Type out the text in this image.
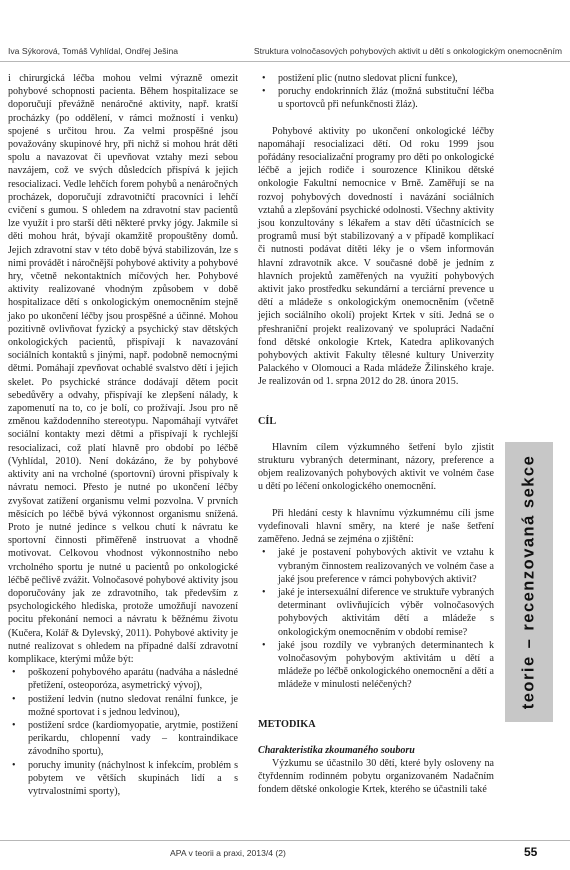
Iva Sýkorová, Tomáš Vyhlídal, Ondřej Ješina	Struktura volnočasových pohybových aktivit u dětí s onkologickým onemocněním

i chirurgická léčba mohou velmi výrazně omezit pohybové schopnosti pacienta. Během hospitalizace se doporučují převážně nenáročné aktivity, např. kratší procházky (po oddělení, v rámci možností i venku) spojené s určitou hrou. Za velmi prospěšné jsou považovány skupinové hry, při nichž si mohou hrát děti spolu a navazovat či upevňovat vztahy mezi sebou navzájem, což ve svých důsledcích přispívá k jejich resocializaci. Vedle lehčích forem pohybů a nenáročných procházek, doporučují zdravotničtí pracovníci i lehčí cvičení s gumou. S ohledem na zdravotní stav pacientů lze využít i pro starší děti některé prvky jógy. Jakmile si děti mohou hrát, bývají okamžitě propouštěny domů. Jejich zdravotní stav v této době bývá stabilizován, lze s nimi provádět i náročnější pohybové aktivity a pohybové hry, včetně nekontaktních míčových her. Pohybové aktivity realizované vhodným způsobem v době hospitalizace dětí s onkologickým onemocněním stejně jako po ukončení léčby jsou prospěšné a účinné. Mohou pozitivně ovlivňovat fyzický a psychický stav dětských onkologických pacientů, přispívají k navazování sociálních kontaktů s jinými, např. podobně nemocnými dětmi. Pomáhají zpevňovat ochablé svalstvo dětí i jejich skelet. Po psychické stránce dodávají dětem pocit sebedůvěry a odvahy, přispívají ke zlepšení nálady, k zapomenutí na to, co je bolí, co prožívají. Jsou pro ně změnou každodenního stereotypu. Napomáhají vytvářet sociální kontakty mezi dětmi a přispívají k rychlejší resocializaci, což platí hlavně pro období po léčbě (Vyhlídal, 2010). Není dokázáno, že by pohybové aktivity ani na vrcholné (sportovní) úrovni přispívaly k návratu nemoci. Přesto je nutné po ukončení léčby zvyšovat zatížení organismu velmi pozvolna. V prvních měsících po léčbě bývá výkonnost organismu snížená. Proto je nutné jedince s velkou chutí k návratu ke sportovní činnosti přiměřeně instruovat a vhodně motivovat. Celkovou vhodnost výkonnostního nebo vrcholného sportu je nutné u pacientů po onkologické léčbě pečlivě zvážit. Volnočasové pohybové aktivity jsou doporučovány jak ze zdravotního, tak především z psychologického hlediska, protože umožňují navození pocitu překonání nemoci a návratu k běžnému životu (Kučera, Kolář & Dylevský, 2011). Pohybové aktivity je nutné realizovat s ohledem na případné další zdravotní komplikace, kterými může být:

• poškození pohybového aparátu (nadváha a následné přetížení, osteoporóza, asymetrický vývoj),
• postižení ledvin (nutno sledovat renální funkce, je možné sportovat i s jednou ledvinou),
• postižení srdce (kardiomyopatie, arytmie, postižení perikardu, chlopenní vady – kontraindikace závodního sportu),
• poruchy imunity (náchylnost k infekcím, problém s pobytem ve větších skupinách lidí a s vytrvalostními sporty),
• postižení plic (nutno sledovat plicní funkce),
• poruchy endokrinních žláz (možná substituční léčba u sportovců při nefunkčnosti žláz).

Pohybové aktivity po ukončení onkologické léčby napomáhají resocializaci dětí. Od roku 1999 jsou pořádány resocializační programy pro děti po onkologické léčbě a jejich rodiče i sourozence Klinikou dětské onkologie Fakultní nemocnice v Brně. Zaměřují se na rozvoj pohybových dovedností i navázání sociálních vztahů a zlepšování psychické odolnosti. Všechny aktivity jsou konzultovány s lékařem a stav dětí účastnících se programů musí být stabilizovaný a v případě komplikací či nutnosti podávat dítěti léky je o všem informován hlavní zdravotník akce. V současné době je jedním z hlavních projektů zaměřených na využití pohybových aktivit jako prostředku sekundární a terciární prevence u dětí a mládeže s onkologickým onemocněním (včetně jejich sociálního okolí) projekt Krtek v síti. Jedná se o přeshraniční projekt realizovaný ve spolupráci Nadační fond dětské onkologie Krtek, Katedra aplikovaných pohybových aktivit Fakulty tělesné kultury Univerzity Palackého v Olomouci a Rada mládeže Žilinského kraje. Je realizován od 1. srpna 2012 do 28. února 2015.

CÍL

Hlavním cílem výzkumného šetření bylo zjistit strukturu vybraných determinant, názory, preference a objem realizovaných pohybových aktivit ve volném čase u dětí po léčení onkologického onemocnění.

Při hledání cesty k hlavnímu výzkumnému cíli jsme vydefinovali hlavní směry, na které je naše šetření zaměřeno. Jedná se zejména o zjištění:

• jaké je postavení pohybových aktivit ve vztahu k vybraným činnostem realizovaných ve volném čase a jaké jsou preference v rámci pohybových aktivit?
• jaké je intersexuální diference ve struktuře vybraných determinant ovlivňujících výběr volnočasových pohybových aktivitám dětí a mládeže s onkologickým onemocněním v období remise?
• jaké jsou rozdíly ve vybraných determinantech k volnočasovým pohybovým aktivitám u dětí a mládeže po léčbě onkologického onemocnění a dětí a mládeže v minulosti neléčených?

METODIKA

Charakteristika zkoumaného souboru

Výzkumu se účastnilo 30 dětí, které byly osloveny na čtyřdenním rodinném pobytu organizovaném Nadačním fondem dětské onkologie Krtek, kterého se účastnili také

teorie–recenzovaná sekce
APA v teorii a praxi, 2013/4 (2)	55
